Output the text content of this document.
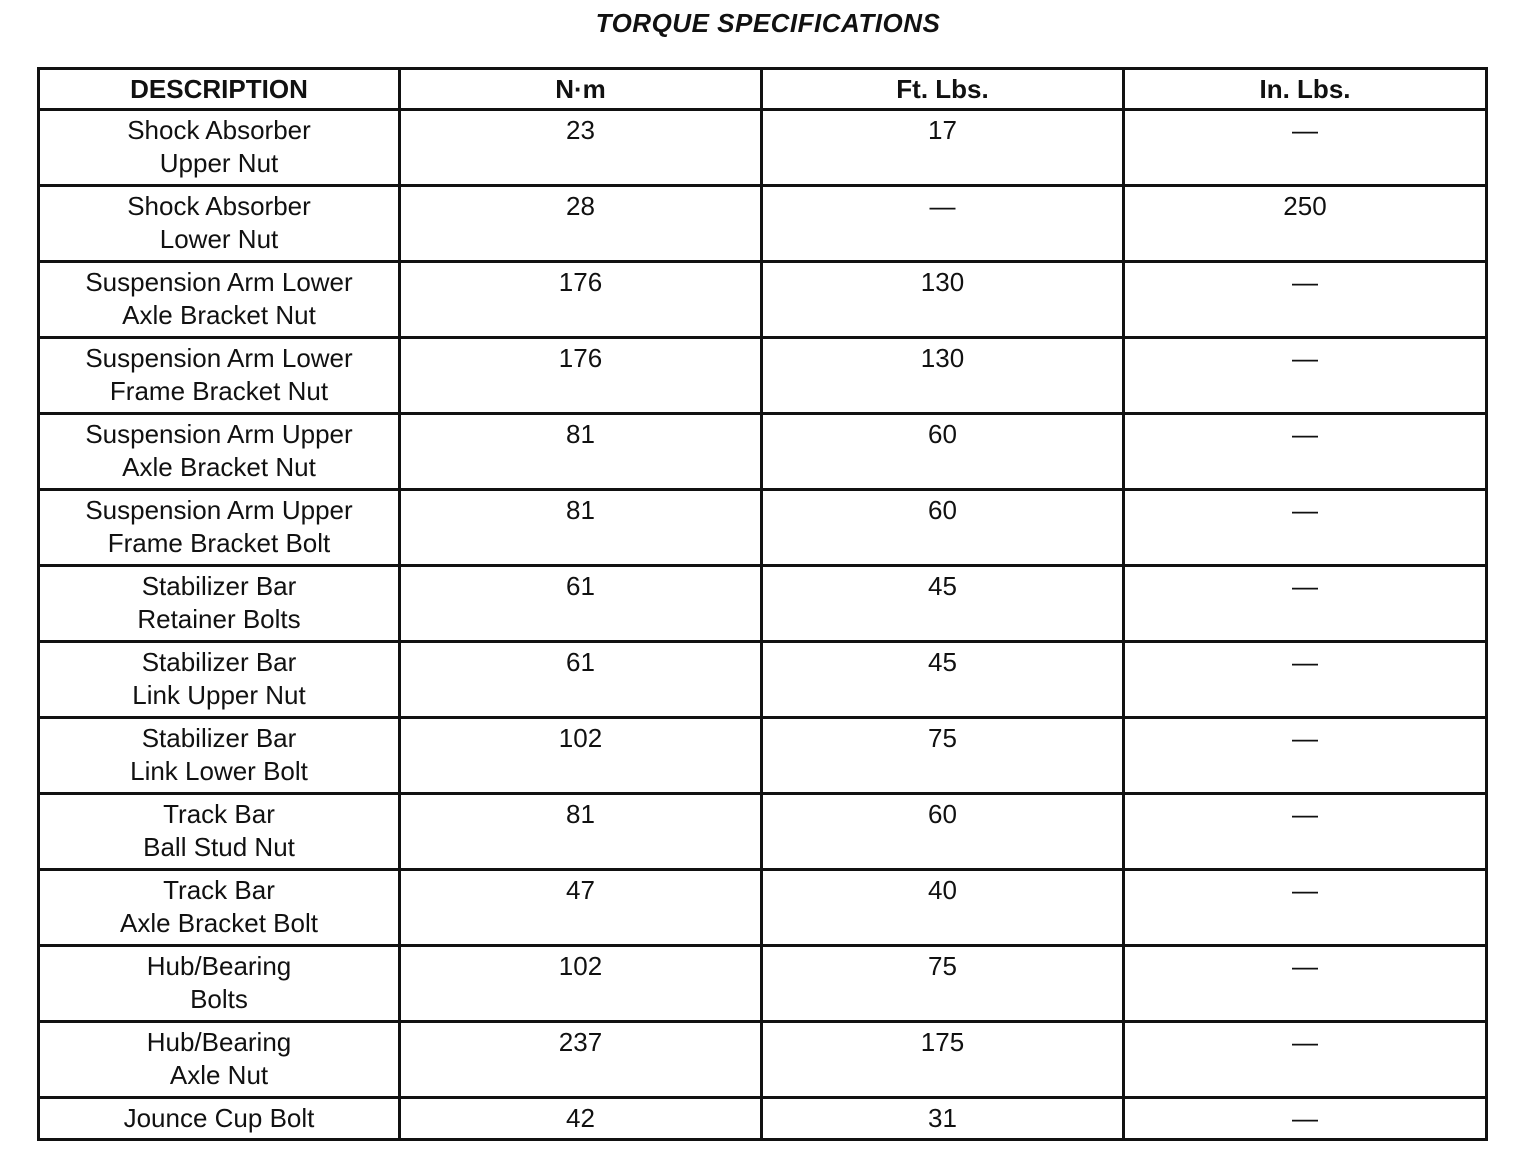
TORQUE SPECIFICATIONS
DESCRIPTION	N·m	Ft. Lbs.	In. Lbs.
Shock Absorber
Upper Nut	23	17	—
Shock Absorber
Lower Nut	28	—	250
Suspension Arm Lower
Axle Bracket Nut	176	130	—
Suspension Arm Lower
Frame Bracket Nut	176	130	—
Suspension Arm Upper
Axle Bracket Nut	81	60	—
Suspension Arm Upper
Frame Bracket Bolt	81	60	—
Stabilizer Bar
Retainer Bolts	61	45	—
Stabilizer Bar
Link Upper Nut	61	45	—
Stabilizer Bar
Link Lower Bolt	102	75	—
Track Bar
Ball Stud Nut	81	60	—
Track Bar
Axle Bracket Bolt	47	40	—
Hub/Bearing
Bolts	102	75	—
Hub/Bearing
Axle Nut	237	175	—
Jounce Cup Bolt	42	31	—
